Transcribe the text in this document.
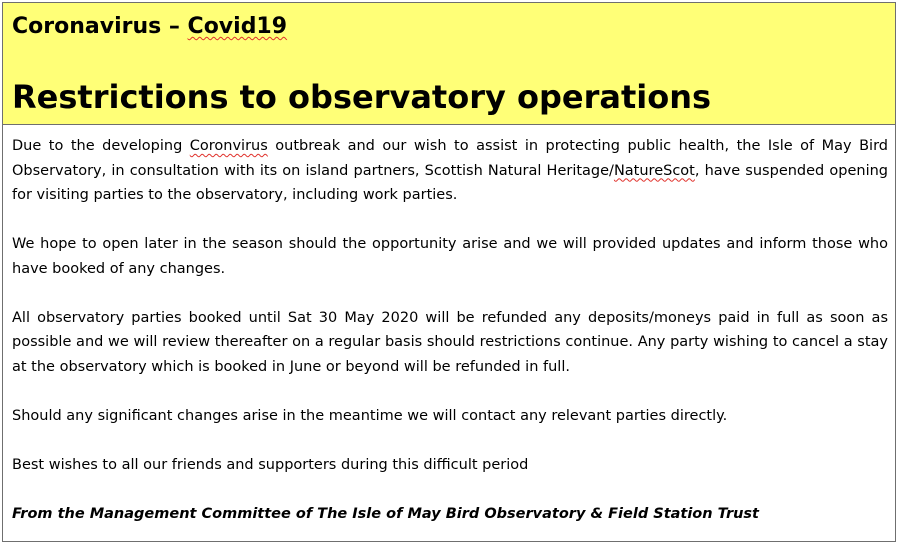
Coronavirus – Covid19
Restrictions to observatory operations

Due to the developing Coronvirus outbreak and our wish to assist in protecting public health, the Isle of May Bird Observatory, in consultation with its on island partners, Scottish Natural Heritage/NatureScot, have suspended opening for visiting parties to the observatory, including work parties.

We hope to open later in the season should the opportunity arise and we will provided updates and inform those who have booked of any changes.

All observatory parties booked until Sat 30 May 2020 will be refunded any deposits/moneys paid in full as soon as possible and we will review thereafter on a regular basis should restrictions continue. Any party wishing to cancel a stay at the observatory which is booked in June or beyond will be refunded in full.

Should any significant changes arise in the meantime we will contact any relevant parties directly.

Best wishes to all our friends and supporters during this difficult period

From the Management Committee of The Isle of May Bird Observatory & Field Station Trust
